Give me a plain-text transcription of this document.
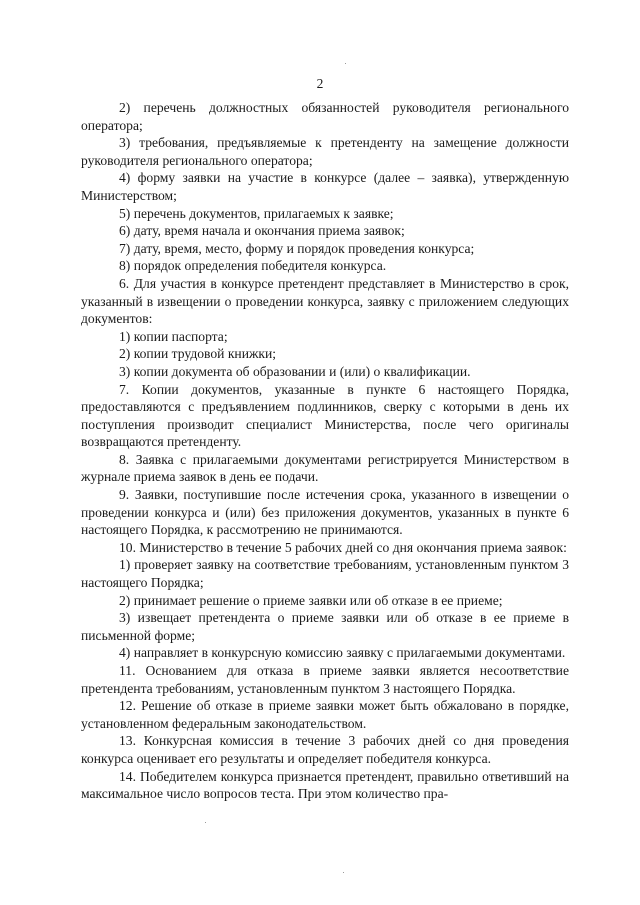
2

2) перечень должностных обязанностей руководителя регионального оператора;

3) требования, предъявляемые к претенденту на замещение должности руководителя регионального оператора;

4) форму заявки на участие в конкурсе (далее – заявка), утвержденную Министерством;

5) перечень документов, прилагаемых к заявке;

6) дату, время начала и окончания приема заявок;

7) дату, время, место, форму и порядок проведения конкурса;

8) порядок определения победителя конкурса.

6. Для участия в конкурсе претендент представляет в Министерство в срок, указанный в извещении о проведении конкурса, заявку с приложением следующих документов:

1) копии паспорта;

2) копии трудовой книжки;

3) копии документа об образовании и (или) о квалификации.

7. Копии документов, указанные в пункте 6 настоящего Порядка, предоставляются с предъявлением подлинников, сверку с которыми в день их поступления производит специалист Министерства, после чего оригиналы возвращаются претенденту.

8. Заявка с прилагаемыми документами регистрируется Министерством в журнале приема заявок в день ее подачи.

9. Заявки, поступившие после истечения срока, указанного в извещении о проведении конкурса и (или) без приложения документов, указанных в пункте 6 настоящего Порядка, к рассмотрению не принимаются.

10. Министерство в течение 5 рабочих дней со дня окончания приема заявок:

1) проверяет заявку на соответствие требованиям, установленным пунктом 3 настоящего Порядка;

2) принимает решение о приеме заявки или об отказе в ее приеме;

3) извещает претендента о приеме заявки или об отказе в ее приеме в письменной форме;

4) направляет в конкурсную комиссию заявку с прилагаемыми документами.

11. Основанием для отказа в приеме заявки является несоответствие претендента требованиям, установленным пунктом 3 настоящего Порядка.

12. Решение об отказе в приеме заявки может быть обжаловано в порядке, установленном федеральным законодательством.

13. Конкурсная комиссия в течение 3 рабочих дней со дня проведения конкурса оценивает его результаты и определяет победителя конкурса.

14. Победителем конкурса признается претендент, правильно ответивший на максимальное число вопросов теста. При этом количество пра-
